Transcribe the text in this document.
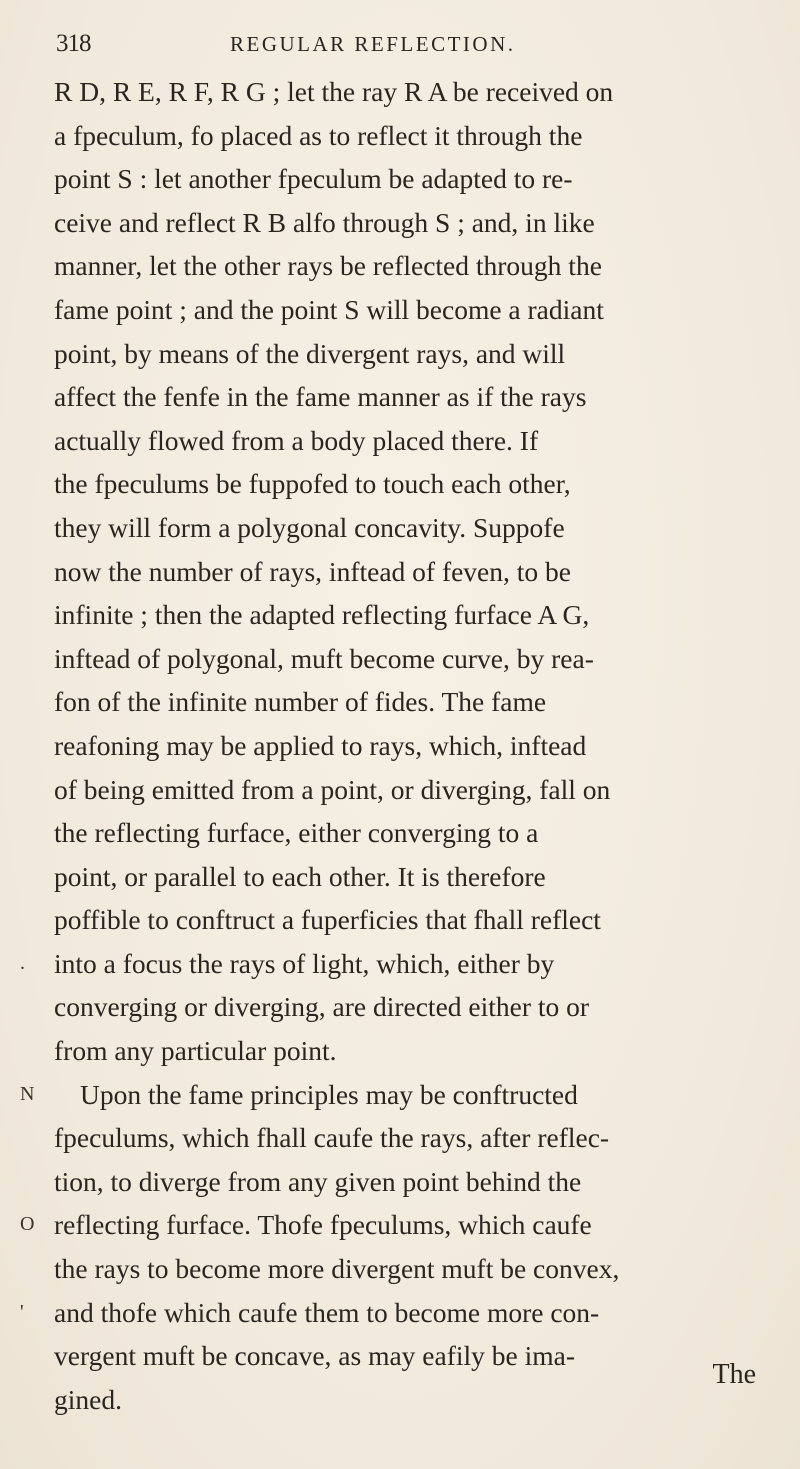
318	REGULAR REFLECTION.
R D, R E, R F, R G ; let the ray R A be received on
a fpeculum, fo placed as to reflect it through the
point S : let another fpeculum be adapted to re-
ceive and reflect R B alfo through S ; and, in like
manner, let the other rays be reflected through the
fame point ; and the point S will become a radiant
point, by means of the divergent rays, and will
affect the fenfe in the fame manner as if the rays
actually flowed from a body placed there. If
the fpeculums be fuppofed to touch each other,
they will form a polygonal concavity. Suppofe
now the number of rays, inftead of feven, to be
infinite ; then the adapted reflecting furface A G,
inftead of polygonal, muft become curve, by rea-
fon of the infinite number of fides. The fame
reafoning may be applied to rays, which, inftead
of being emitted from a point, or diverging, fall on
the reflecting furface, either converging to a
point, or parallel to each other. It is therefore
poffible to conftruct a fuperficies that fhall reflect
. into a focus the rays of light, which, either by
converging or diverging, are directed either to or
from any particular point.
N Upon the fame principles may be conftructed
fpeculums, which fhall caufe the rays, after reflec-
tion, to diverge from any given point behind the
O reflecting furface. Thofe fpeculums, which caufe
the rays to become more divergent muft be convex,
' and thofe which caufe them to become more con-
vergent muft be concave, as may eafily be ima-
gined.
The
